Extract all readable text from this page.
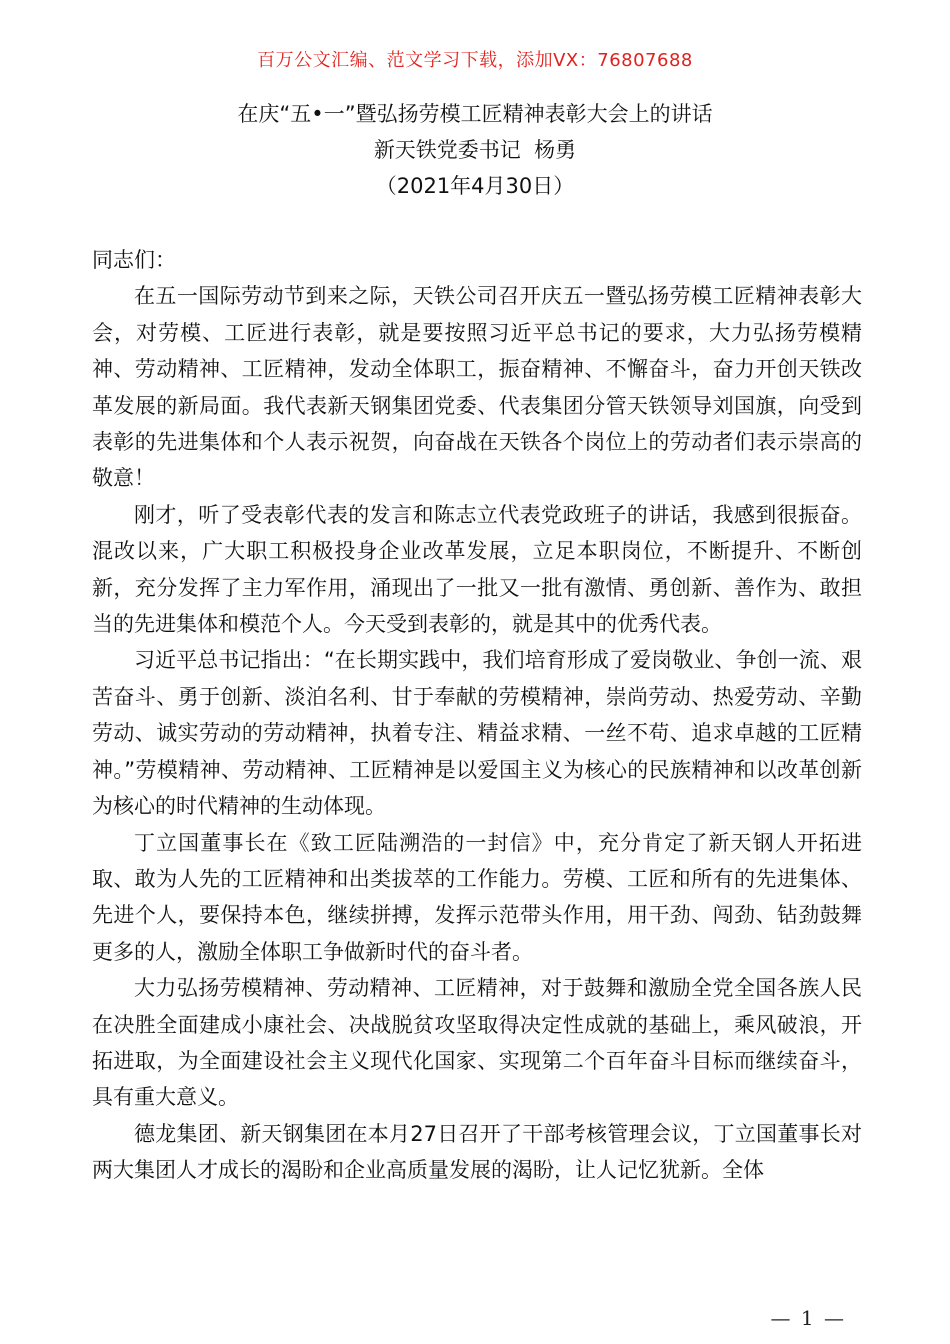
百万公文汇编、范文学习下载，添加VX：76807688
在庆“五•一”暨弘扬劳模工匠精神表彰大会上的讲话
新天铁党委书记  杨勇
（2021年4月30日）

同志们：

在五一国际劳动节到来之际，天铁公司召开庆五一暨弘扬劳模工匠精神表彰大会，对劳模、工匠进行表彰，就是要按照习近平总书记的要求，大力弘扬劳模精神、劳动精神、工匠精神，发动全体职工，振奋精神、不懈奋斗，奋力开创天铁改革发展的新局面。我代表新天钢集团党委、代表集团分管天铁领导刘国旗，向受到表彰的先进集体和个人表示祝贺，向奋战在天铁各个岗位上的劳动者们表示崇高的敬意！

刚才，听了受表彰代表的发言和陈志立代表党政班子的讲话，我感到很振奋。混改以来，广大职工积极投身企业改革发展，立足本职岗位，不断提升、不断创新，充分发挥了主力军作用，涌现出了一批又一批有激情、勇创新、善作为、敢担当的先进集体和模范个人。今天受到表彰的，就是其中的优秀代表。

习近平总书记指出：“在长期实践中，我们培育形成了爱岗敬业、争创一流、艰苦奋斗、勇于创新、淡泊名利、甘于奉献的劳模精神，崇尚劳动、热爱劳动、辛勤劳动、诚实劳动的劳动精神，执着专注、精益求精、一丝不苟、追求卓越的工匠精神。”劳模精神、劳动精神、工匠精神是以爱国主义为核心的民族精神和以改革创新为核心的时代精神的生动体现。

丁立国董事长在《致工匠陆溯浩的一封信》中，充分肯定了新天钢人开拓进取、敢为人先的工匠精神和出类拔萃的工作能力。劳模、工匠和所有的先进集体、先进个人，要保持本色，继续拼搏，发挥示范带头作用，用干劲、闯劲、钻劲鼓舞更多的人，激励全体职工争做新时代的奋斗者。

大力弘扬劳模精神、劳动精神、工匠精神，对于鼓舞和激励全党全国各族人民在决胜全面建成小康社会、决战脱贫攻坚取得决定性成就的基础上，乘风破浪，开拓进取，为全面建设社会主义现代化国家、实现第二个百年奋斗目标而继续奋斗，具有重大意义。

德龙集团、新天钢集团在本月27日召开了干部考核管理会议，丁立国董事长对两大集团人才成长的渴盼和企业高质量发展的渴盼，让人记忆犹新。全体

— 1 —
